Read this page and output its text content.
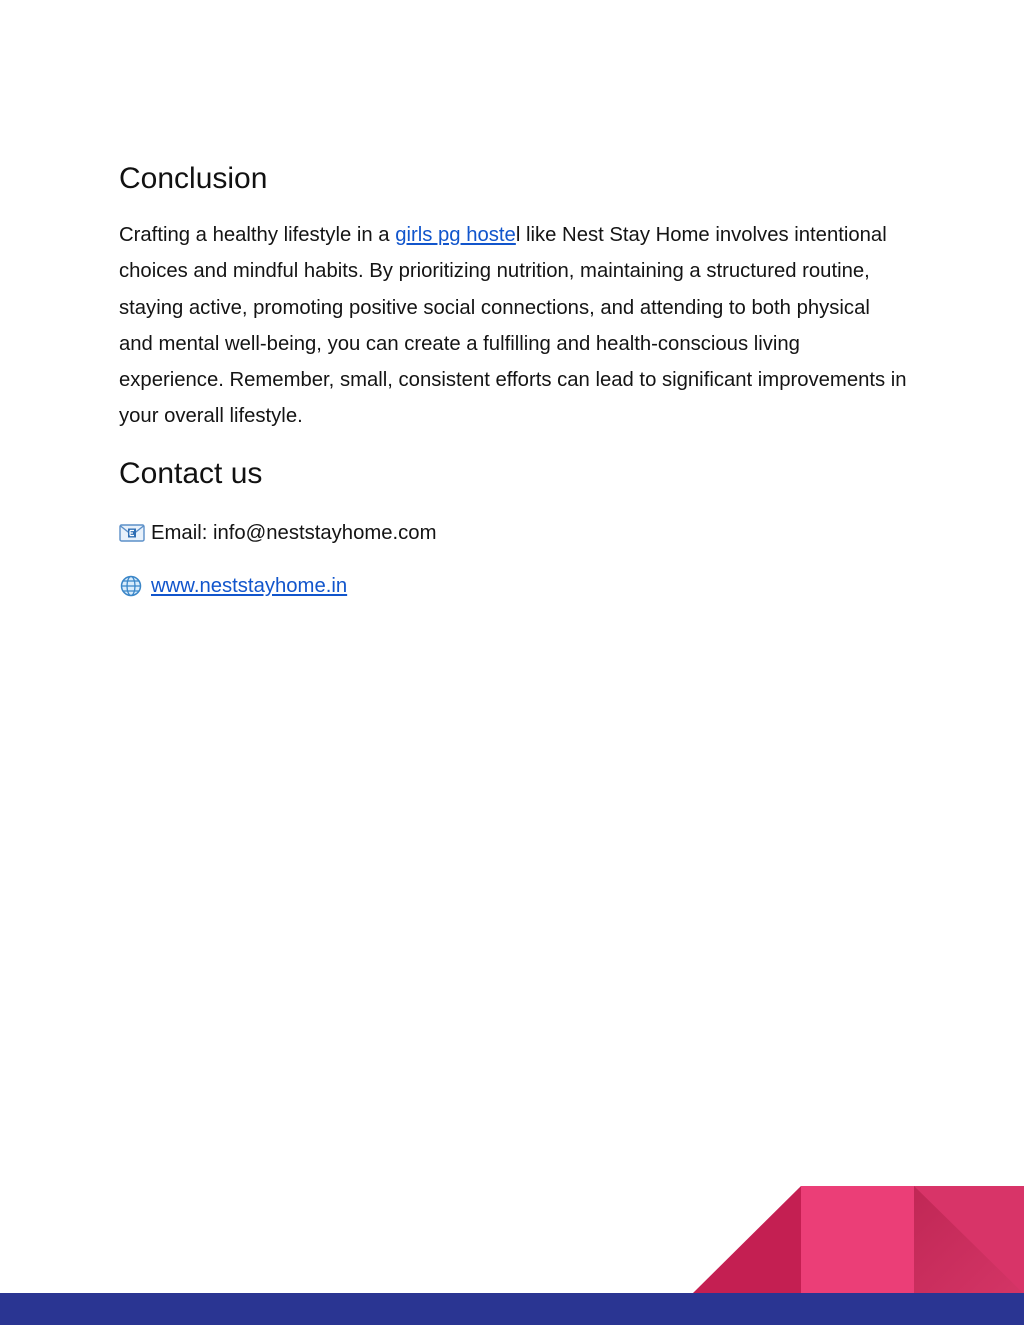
Conclusion

Crafting a healthy lifestyle in a girls pg hostel like Nest Stay Home involves intentional choices and mindful habits. By prioritizing nutrition, maintaining a structured routine, staying active, promoting positive social connections, and attending to both physical and mental well-being, you can create a fulfilling and health-conscious living experience. Remember, small, consistent efforts can lead to significant improvements in your overall lifestyle.

Contact us
Email: info@neststayhome.com
www.neststayhome.in
